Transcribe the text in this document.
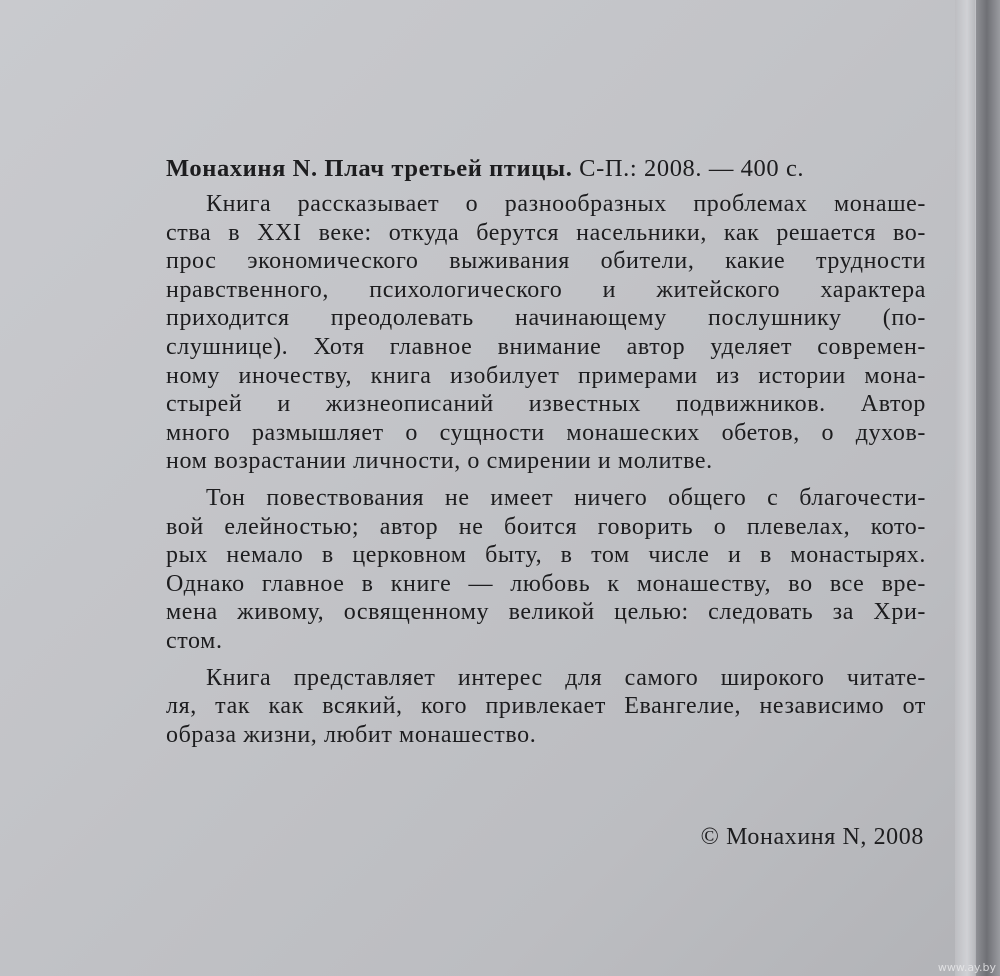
Монахиня N. Плач третьей птицы. С-П.: 2008. — 400 с.

Книга рассказывает о разнообразных проблемах монаше-
ства в XXI веке: откуда берутся насельники, как решается во-
прос экономического выживания обители, какие трудности
нравственного, психологического и житейского характера
приходится преодолевать начинающему послушнику (по-
слушнице). Хотя главное внимание автор уделяет современ-
ному иночеству, книга изобилует примерами из истории мона-
стырей и жизнеописаний известных подвижников. Автор
много размышляет о сущности монашеских обетов, о духов-
ном возрастании личности, о смирении и молитве.

Тон повествования не имеет ничего общего с благочести-
вой елейностью; автор не боится говорить о плевелах, кото-
рых немало в церковном быту, в том числе и в монастырях.
Однако главное в книге — любовь к монашеству, во все вре-
мена живому, освященному великой целью: следовать за Хри-
стом.

Книга представляет интерес для самого широкого читате-
ля, так как всякий, кого привлекает Евангелие, независимо от
образа жизни, любит монашество.

© Монахиня N, 2008
www.ay.by
